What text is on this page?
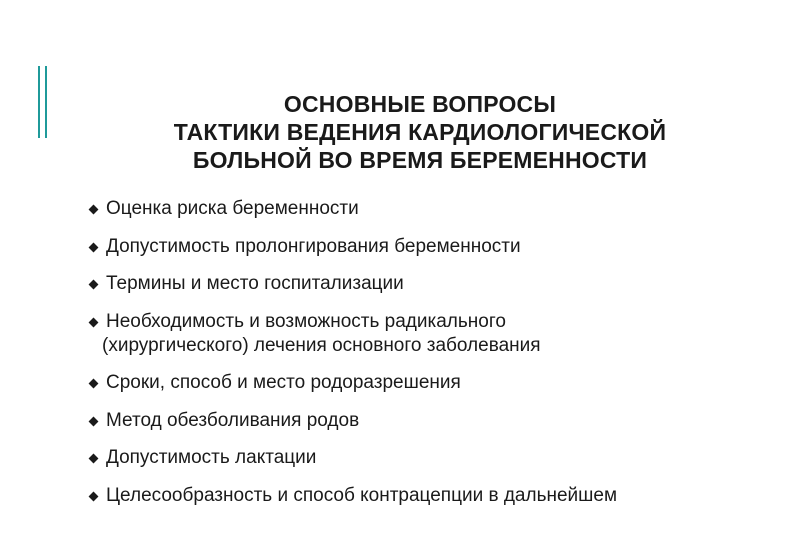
ОСНОВНЫЕ ВОПРОСЫ
ТАКТИКИ ВЕДЕНИЯ КАРДИОЛОГИЧЕСКОЙ
БОЛЬНОЙ ВО ВРЕМЯ БЕРЕМЕННОСТИ
Оценка риска беременности
Допустимость пролонгирования беременности
Термины и место госпитализации
Необходимость и возможность радикального
(хирургического) лечения основного заболевания
Сроки, способ и место родоразрешения
Метод обезболивания родов
Допустимость лактации
Целесообразность и способ контрацепции в дальнейшем
